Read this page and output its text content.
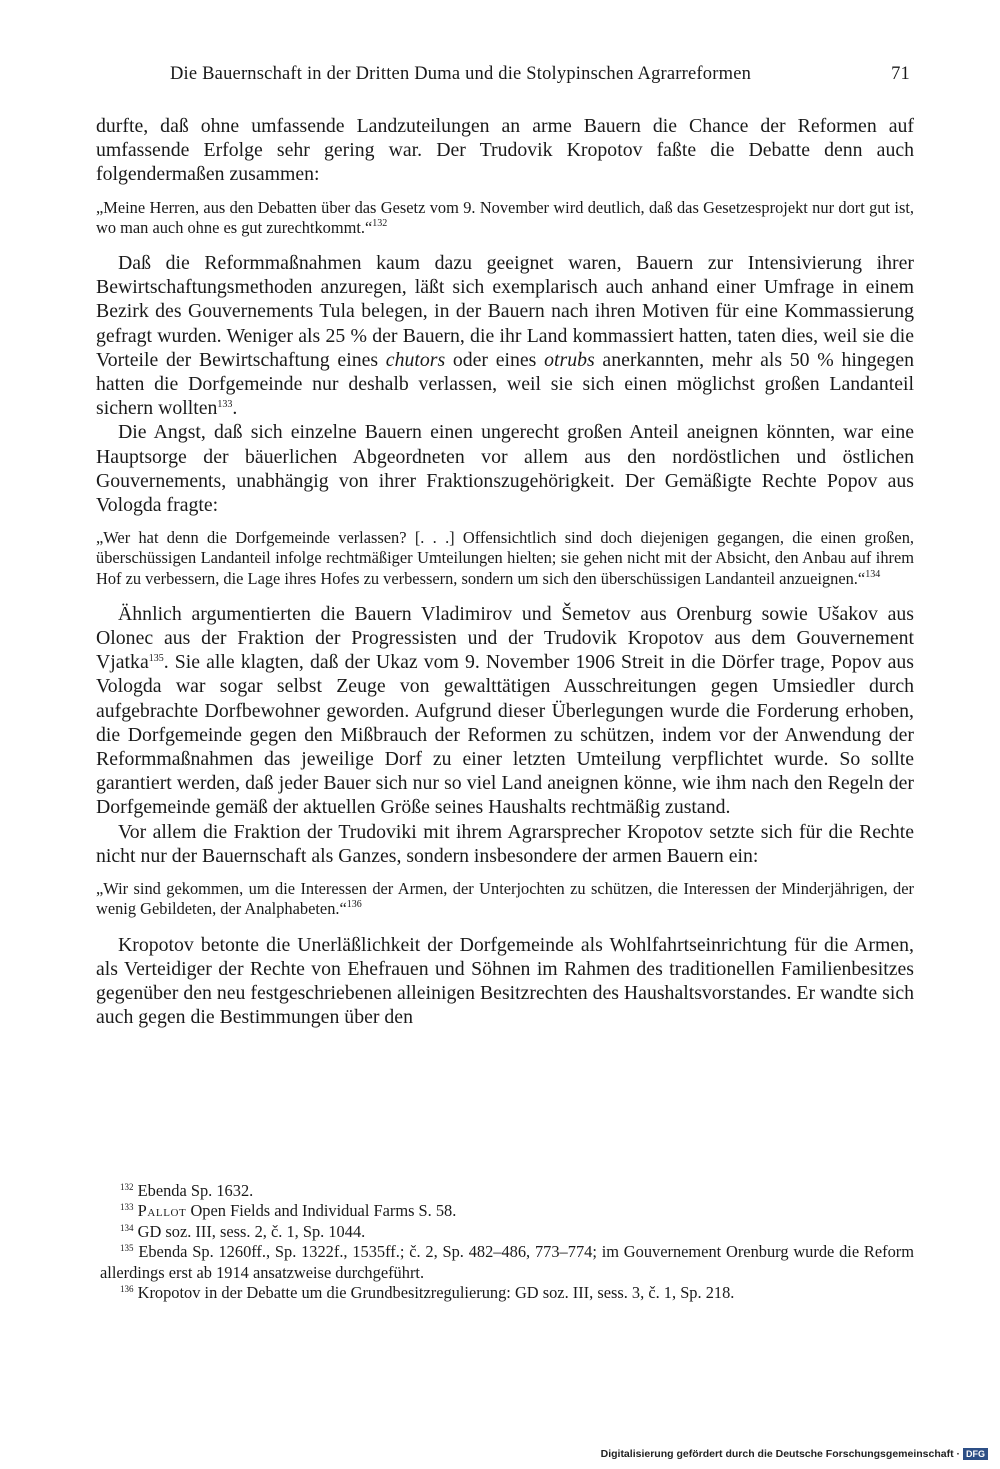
Die Bauernschaft in der Dritten Duma und die Stolypinschen Agrarreformen	71

durfte, daß ohne umfassende Landzuteilungen an arme Bauern die Chance der Reformen auf umfassende Erfolge sehr gering war. Der Trudovik Kropotov faßte die Debatte denn auch folgendermaßen zusammen:

„Meine Herren, aus den Debatten über das Gesetz vom 9. November wird deutlich, daß das Gesetzesprojekt nur dort gut ist, wo man auch ohne es gut zurechtkommt.“$^{132}$

Daß die Reformmaßnahmen kaum dazu geeignet waren, Bauern zur Intensivierung ihrer Bewirtschaftungsmethoden anzuregen, läßt sich exemplarisch auch anhand einer Umfrage in einem Bezirk des Gouvernements Tula belegen, in der Bauern nach ihren Motiven für eine Kommassierung gefragt wurden. Weniger als 25 % der Bauern, die ihr Land kommassiert hatten, taten dies, weil sie die Vorteile der Bewirtschaftung eines chutors oder eines otrubs anerkannten, mehr als 50 % hingegen hatten die Dorfgemeinde nur deshalb verlassen, weil sie sich einen möglichst großen Landanteil sichern wollten$^{133}$.

Die Angst, daß sich einzelne Bauern einen ungerecht großen Anteil aneignen könnten, war eine Hauptsorge der bäuerlichen Abgeordneten vor allem aus den nordöstlichen und östlichen Gouvernements, unabhängig von ihrer Fraktionszugehörigkeit. Der Gemäßigte Rechte Popov aus Vologda fragte:

„Wer hat denn die Dorfgemeinde verlassen? [. . .] Offensichtlich sind doch diejenigen gegangen, die einen großen, überschüssigen Landanteil infolge rechtmäßiger Umteilungen hielten; sie gehen nicht mit der Absicht, den Anbau auf ihrem Hof zu verbessern, die Lage ihres Hofes zu verbessern, sondern um sich den überschüssigen Landanteil anzueignen.“$^{134}$

Ähnlich argumentierten die Bauern Vladimirov und Šemetov aus Orenburg sowie Ušakov aus Olonec aus der Fraktion der Progressisten und der Trudovik Kropotov aus dem Gouvernement Vjatka$^{135}$. Sie alle klagten, daß der Ukaz vom 9. November 1906 Streit in die Dörfer trage, Popov aus Vologda war sogar selbst Zeuge von gewalttätigen Ausschreitungen gegen Umsiedler durch aufgebrachte Dorfbewohner geworden. Aufgrund dieser Überlegungen wurde die Forderung erhoben, die Dorfgemeinde gegen den Mißbrauch der Reformen zu schützen, indem vor der Anwendung der Reformmaßnahmen das jeweilige Dorf zu einer letzten Umteilung verpflichtet wurde. So sollte garantiert werden, daß jeder Bauer sich nur so viel Land aneignen könne, wie ihm nach den Regeln der Dorfgemeinde gemäß der aktuellen Größe seines Haushalts rechtmäßig zustand.

Vor allem die Fraktion der Trudoviki mit ihrem Agrarsprecher Kropotov setzte sich für die Rechte nicht nur der Bauernschaft als Ganzes, sondern insbesondere der armen Bauern ein:

„Wir sind gekommen, um die Interessen der Armen, der Unterjochten zu schützen, die Interessen der Minderjährigen, der wenig Gebildeten, der Analphabeten.“$^{136}$

Kropotov betonte die Unerläßlichkeit der Dorfgemeinde als Wohlfahrtseinrichtung für die Armen, als Verteidiger der Rechte von Ehefrauen und Söhnen im Rahmen des traditionellen Familienbesitzes gegenüber den neu festgeschriebenen alleinigen Besitzrechten des Haushaltsvorstandes. Er wandte sich auch gegen die Bestimmungen über den

$^{132}$ Ebenda Sp. 1632.
$^{133}$ Pallot Open Fields and Individual Farms S. 58.
$^{134}$ GD soz. III, sess. 2, č. 1, Sp. 1044.
$^{135}$ Ebenda Sp. 1260ff., Sp. 1322f., 1535ff.; č. 2, Sp. 482–486, 773–774; im Gouvernement Orenburg wurde die Reform allerdings erst ab 1914 ansatzweise durchgeführt.
$^{136}$ Kropotov in der Debatte um die Grundbesitzregulierung: GD soz. III, sess. 3, č. 1, Sp. 218.
Digitalisierung gefördert durch die Deutsche Forschungsgemeinschaft · DFG
